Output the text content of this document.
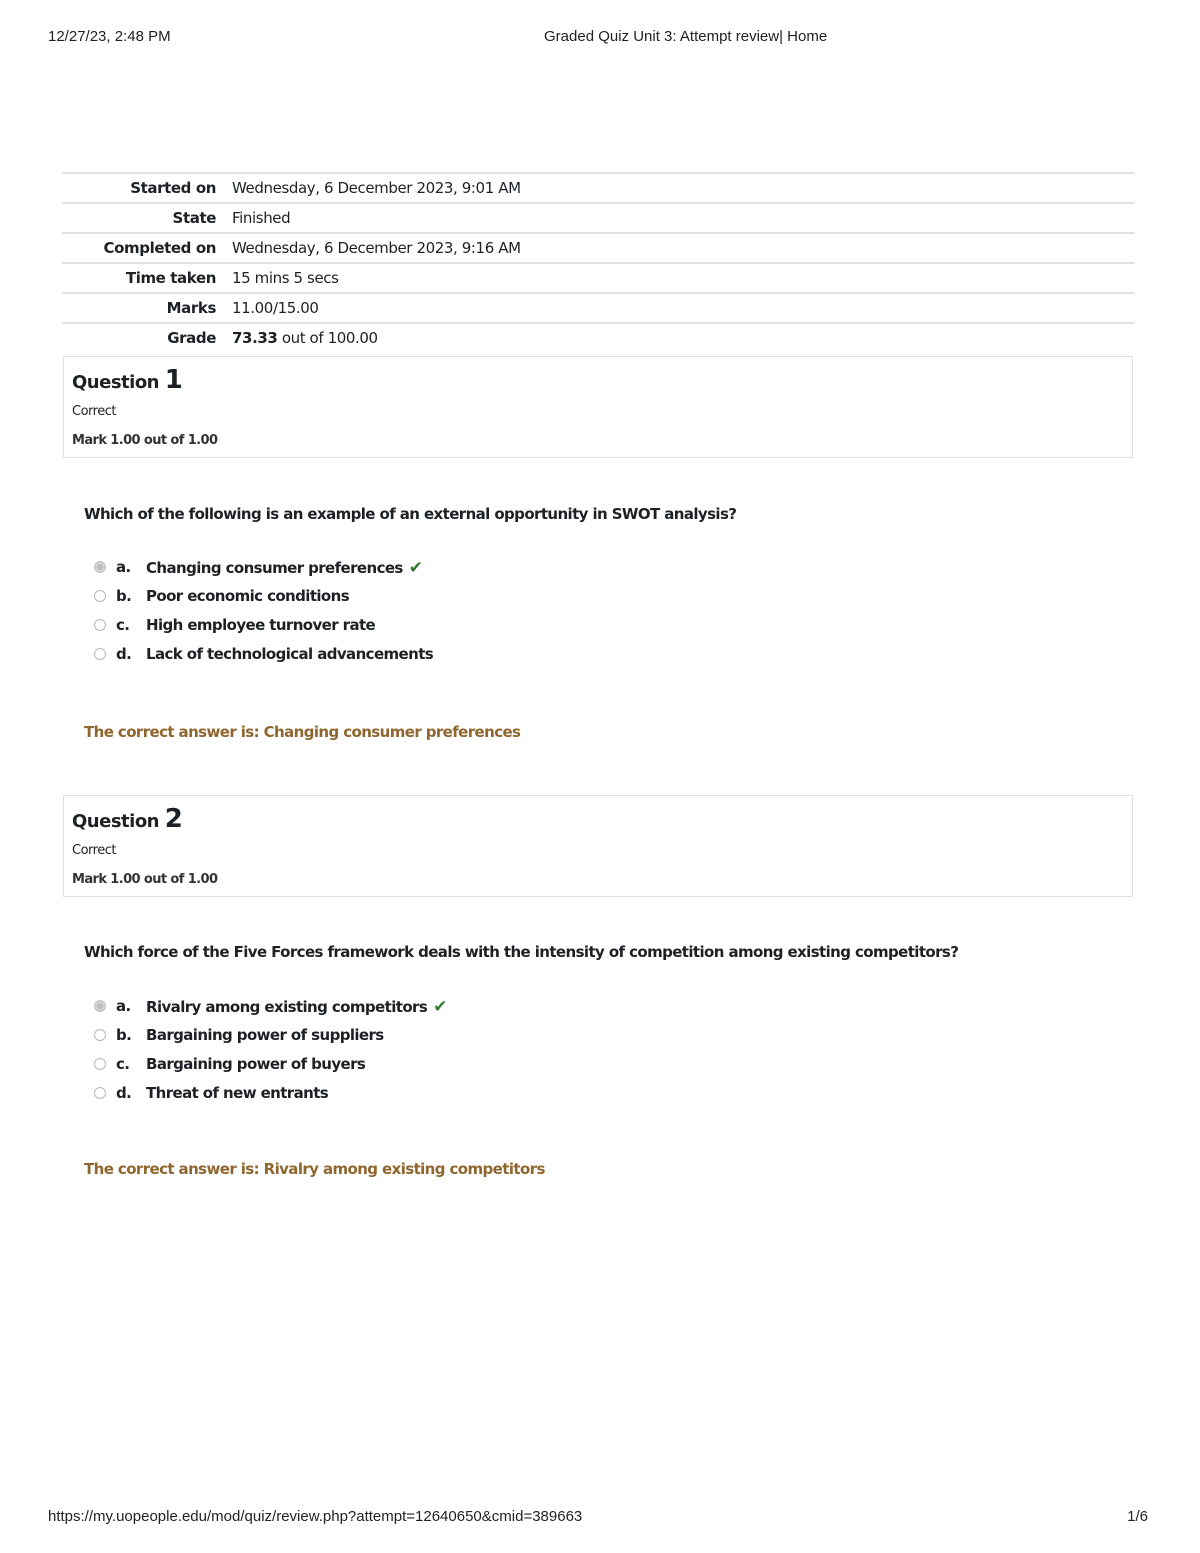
12/27/23, 2:48 PM	Graded Quiz Unit 3: Attempt review| Home
Started on	Wednesday, 6 December 2023, 9:01 AM
State	Finished
Completed on	Wednesday, 6 December 2023, 9:16 AM
Time taken	15 mins 5 secs
Marks	11.00/15.00
Grade	73.33 out of 100.00
Question 1
Correct
Mark 1.00 out of 1.00
Which of the following is an example of an external opportunity in SWOT analysis?
a. Changing consumer preferences ✔
b. Poor economic conditions
c. High employee turnover rate
d. Lack of technological advancements
The correct answer is: Changing consumer preferences
Question 2
Correct
Mark 1.00 out of 1.00
Which force of the Five Forces framework deals with the intensity of competition among existing competitors?
a. Rivalry among existing competitors ✔
b. Bargaining power of suppliers
c. Bargaining power of buyers
d. Threat of new entrants
The correct answer is: Rivalry among existing competitors
https://my.uopeople.edu/mod/quiz/review.php?attempt=12640650&cmid=389663	1/6
